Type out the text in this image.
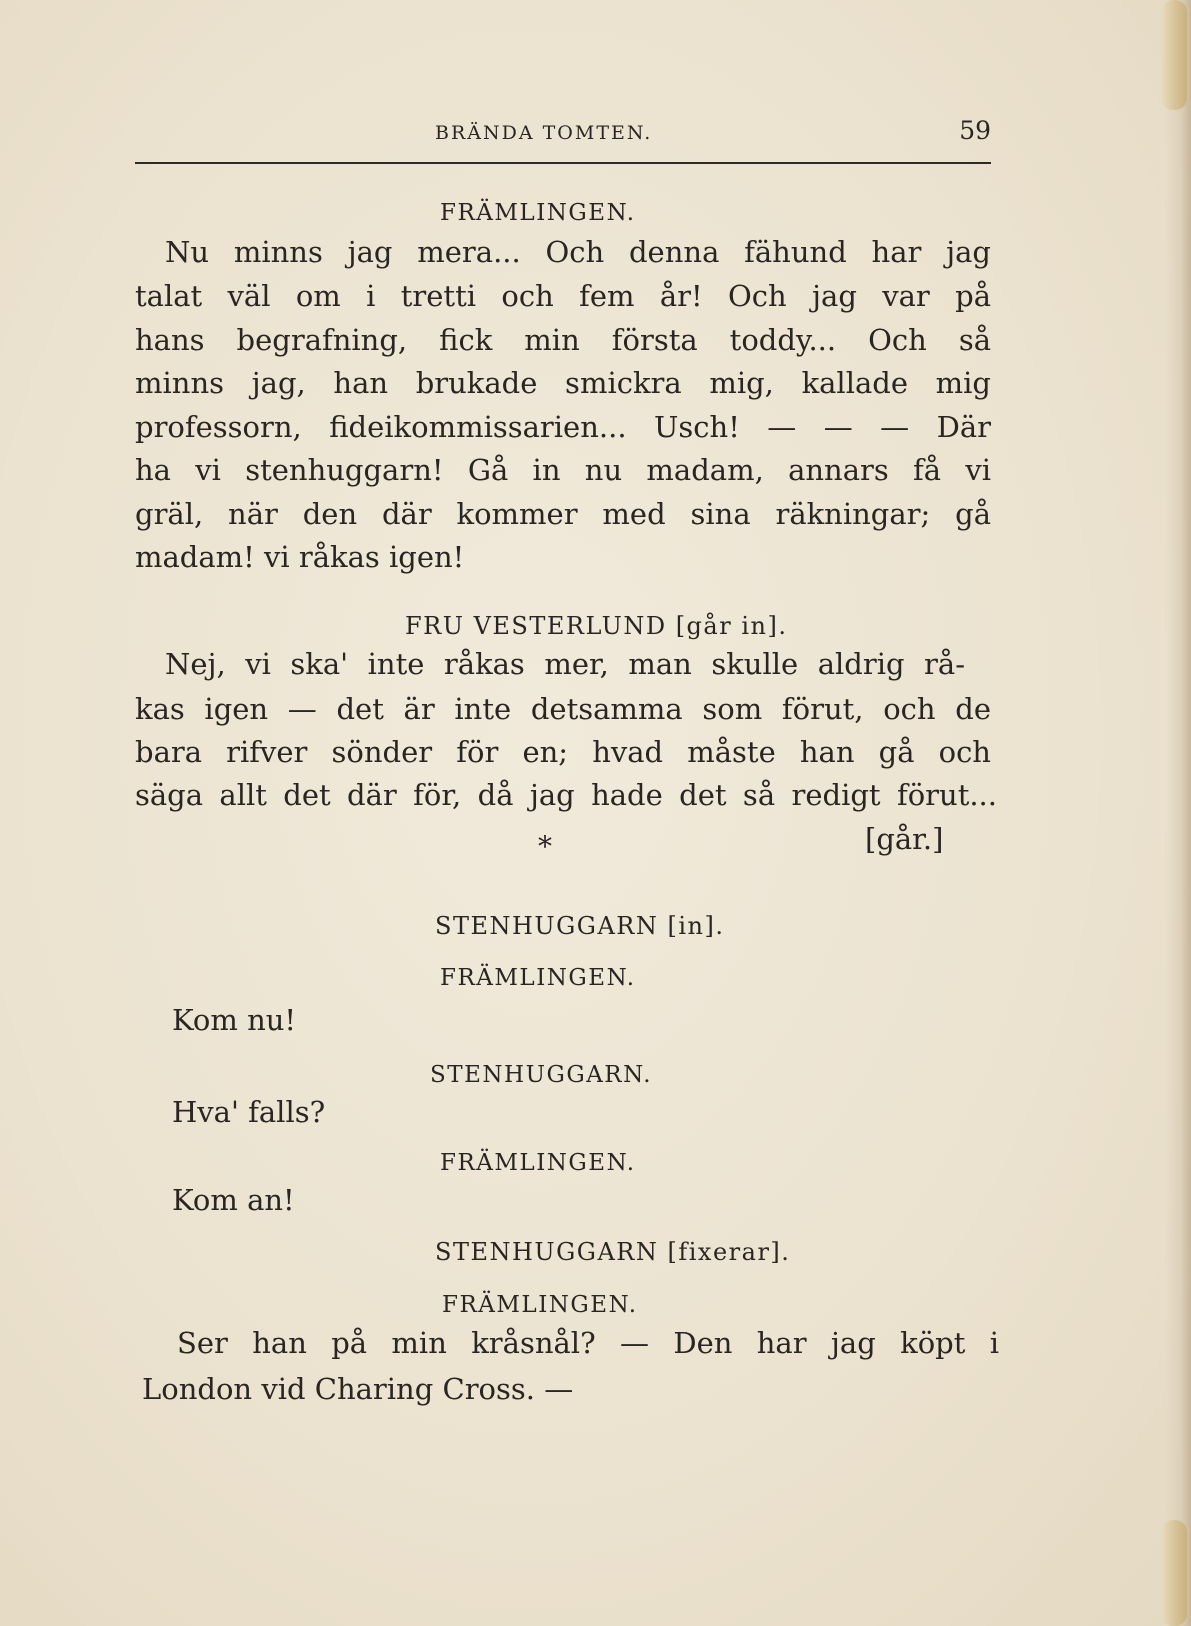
BRÄNDA TOMTEN.	59
FRÄMLINGEN.
Nu minns jag mera... Och denna fähund har jag
talat väl om i tretti och fem år! Och jag var på
hans begrafning, fick min första toddy... Och så
minns jag, han brukade smickra mig, kallade mig
professorn, fideikommissarien... Usch! — — — Där
ha vi stenhuggarn! Gå in nu madam, annars få vi
gräl, när den där kommer med sina räkningar; gå
madam! vi råkas igen!
FRU VESTERLUND [går in].
Nej, vi ska' inte råkas mer, man skulle aldrig rå-
kas igen — det är inte detsamma som förut, och de
bara rifver sönder för en; hvad måste han gå och
säga allt det där för, då jag hade det så redigt förut...
*	[går.]
STENHUGGARN [in].
FRÄMLINGEN.
Kom nu!
STENHUGGARN.
Hva' falls?
FRÄMLINGEN.
Kom an!
STENHUGGARN [fixerar].
FRÄMLINGEN.
Ser han på min kråsnål? — Den har jag köpt i
London vid Charing Cross. —
